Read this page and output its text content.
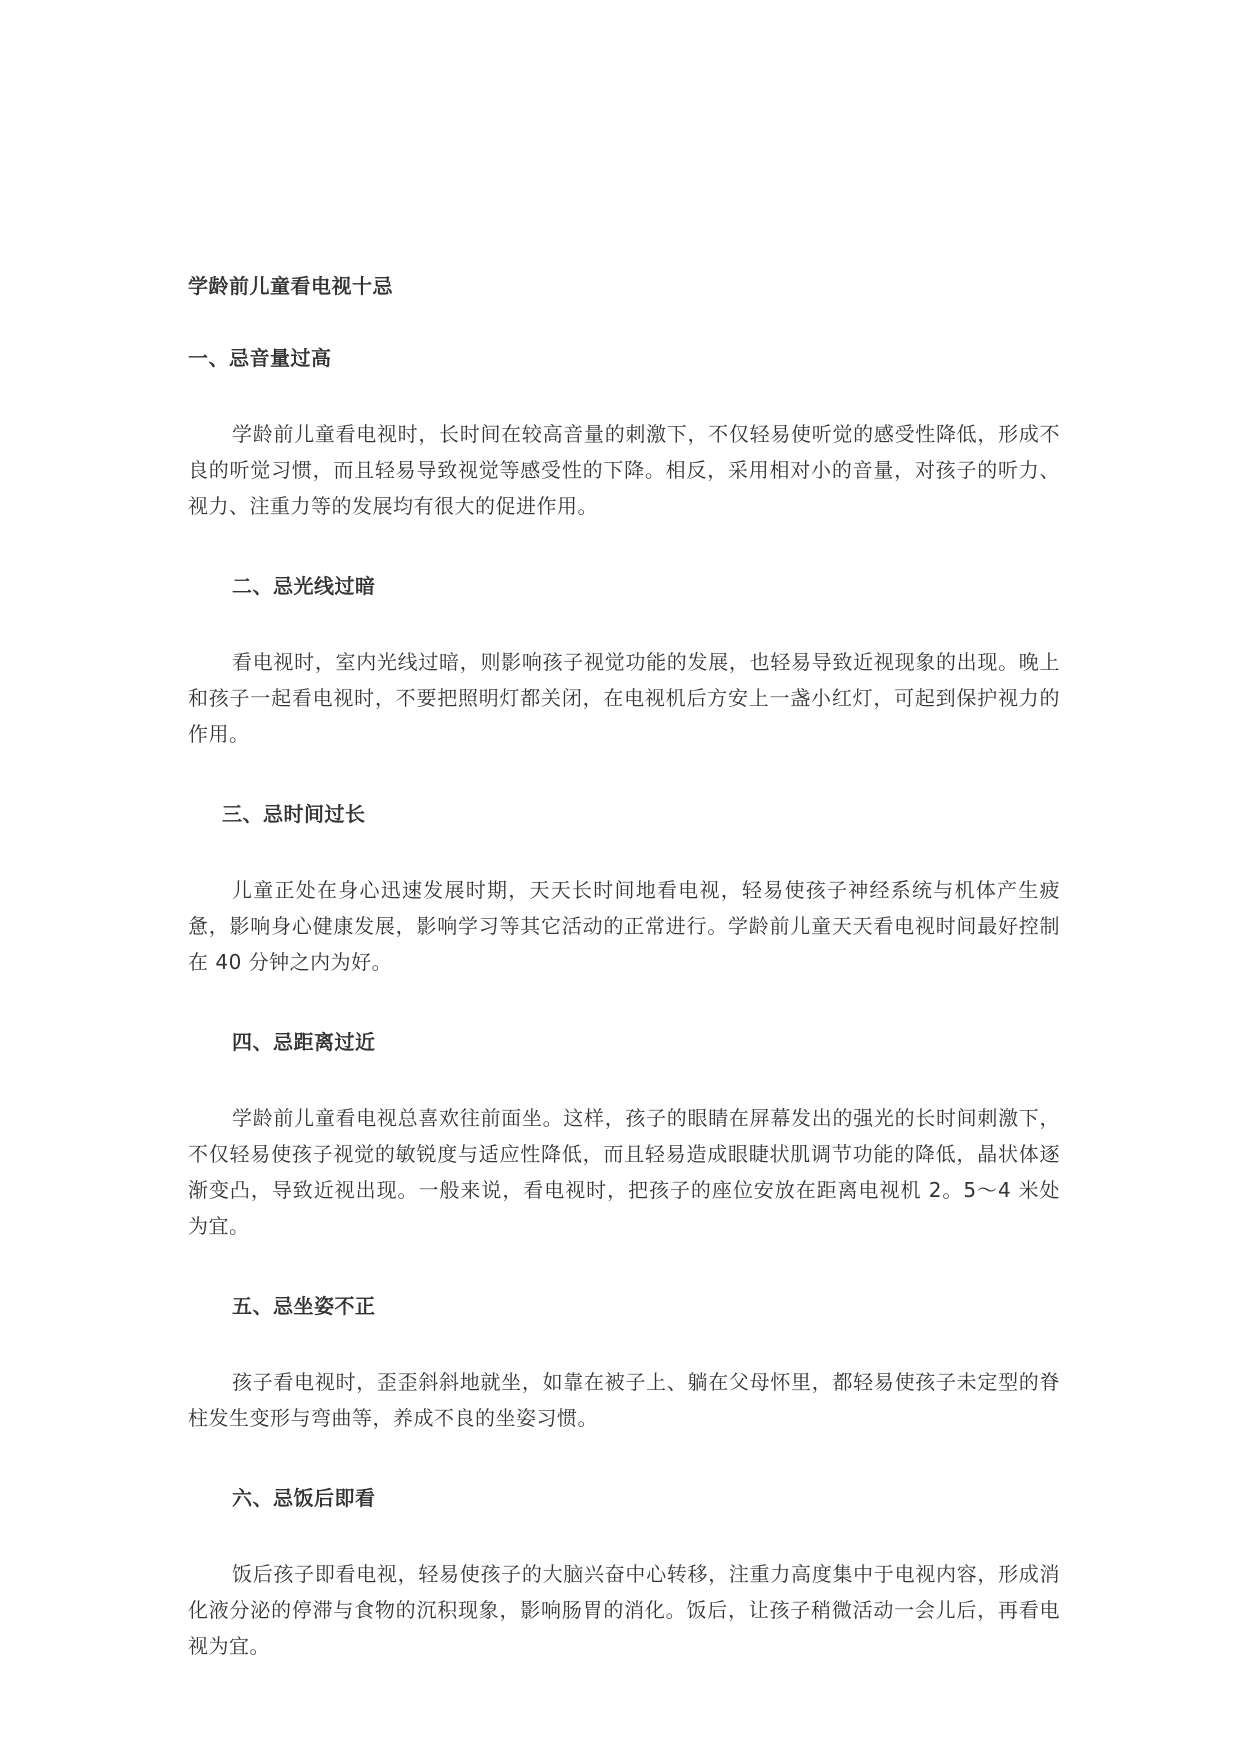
学龄前儿童看电视十忌
一、忌音量过高

学龄前儿童看电视时，长时间在较高音量的刺激下，不仅轻易使听觉的感受性降低，形成不良的听觉习惯，而且轻易导致视觉等感受性的下降。相反，采用相对小的音量，对孩子的听力、视力、注重力等的发展均有很大的促进作用。

二、忌光线过暗

看电视时，室内光线过暗，则影响孩子视觉功能的发展，也轻易导致近视现象的出现。晚上和孩子一起看电视时，不要把照明灯都关闭，在电视机后方安上一盏小红灯，可起到保护视力的作用。

三、忌时间过长

儿童正处在身心迅速发展时期，天天长时间地看电视，轻易使孩子神经系统与机体产生疲惫，影响身心健康发展，影响学习等其它活动的正常进行。学龄前儿童天天看电视时间最好控制在 40 分钟之内为好。

四、忌距离过近

学龄前儿童看电视总喜欢往前面坐。这样，孩子的眼睛在屏幕发出的强光的长时间刺激下，不仅轻易使孩子视觉的敏锐度与适应性降低，而且轻易造成眼睫状肌调节功能的降低，晶状体逐渐变凸，导致近视出现。一般来说，看电视时，把孩子的座位安放在距离电视机 2。5～4 米处为宜。

五、忌坐姿不正

孩子看电视时，歪歪斜斜地就坐，如靠在被子上、躺在父母怀里，都轻易使孩子未定型的脊柱发生变形与弯曲等，养成不良的坐姿习惯。

六、忌饭后即看

饭后孩子即看电视，轻易使孩子的大脑兴奋中心转移，注重力高度集中于电视内容，形成消化液分泌的停滞与食物的沉积现象，影响肠胃的消化。饭后，让孩子稍微活动一会儿后，再看电视为宜。
